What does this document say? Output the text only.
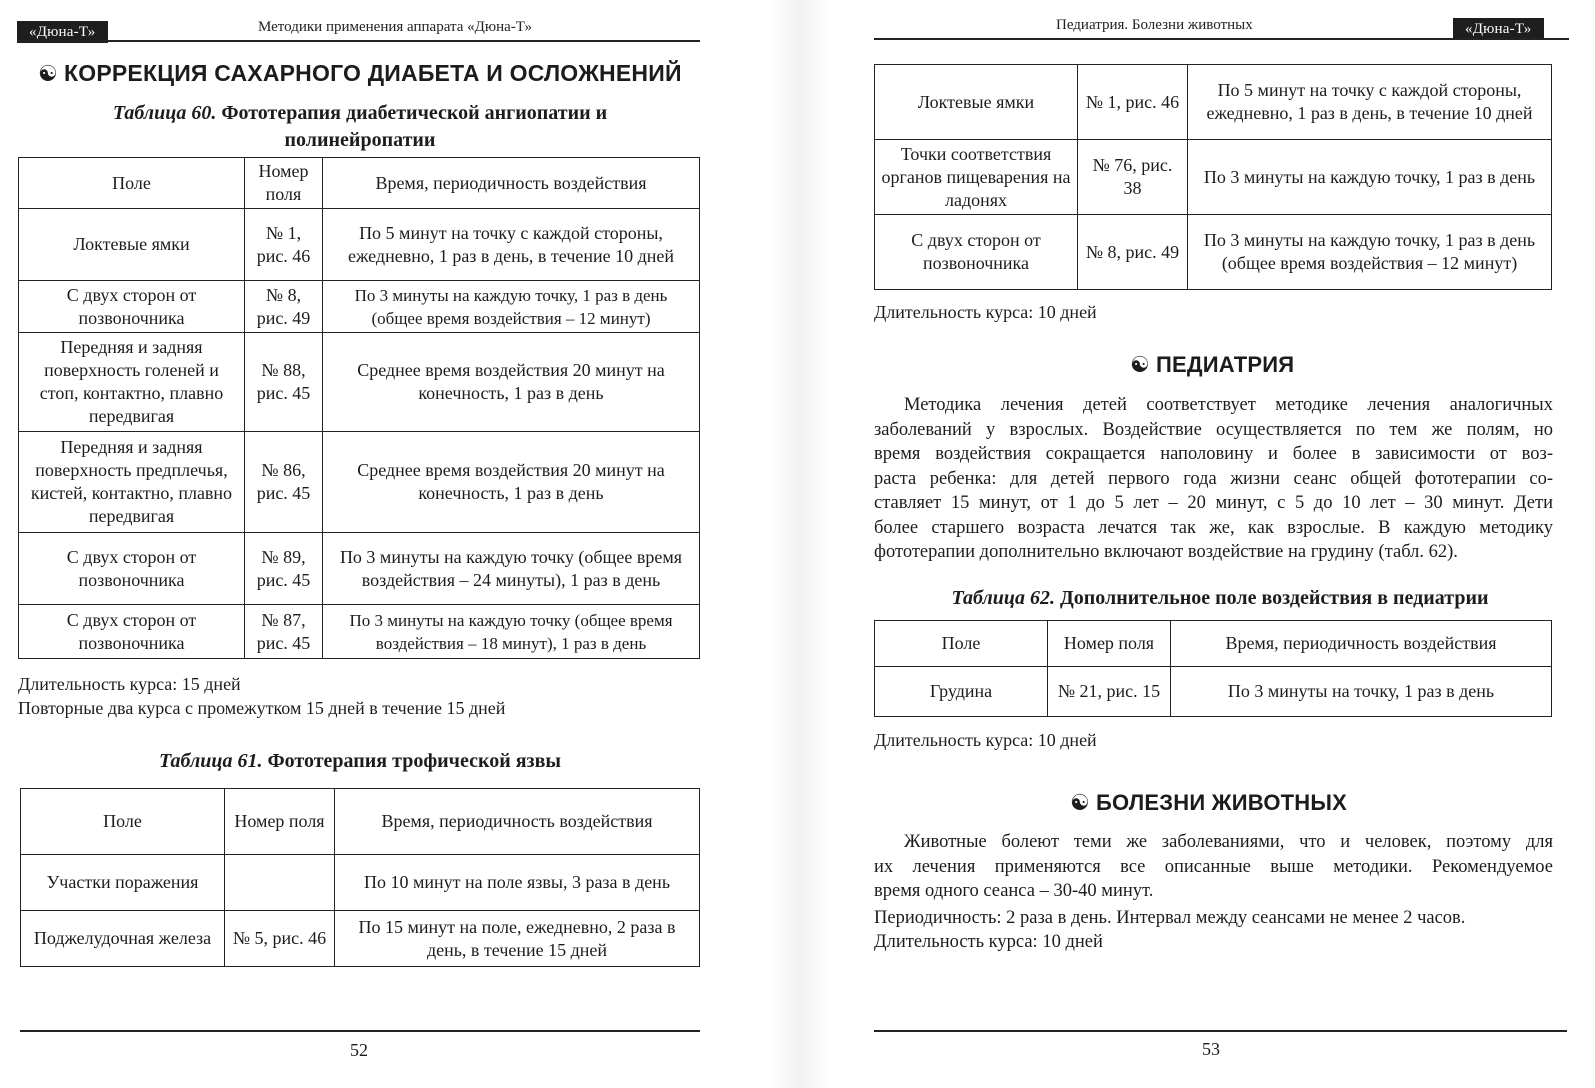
«Дюна-Т»	Методики применения аппарата «Дюна-Т»
☯ КОРРЕКЦИЯ САХАРНОГО ДИАБЕТА И ОСЛОЖНЕНИЙ
Таблица 60. Фототерапия диабетической ангиопатии и полинейропатии
Поле	Номер поля	Время, периодичность воздействия
Локтевые ямки	№ 1, рис. 46	По 5 минут на точку с каждой стороны, ежедневно, 1 раз в день, в течение 10 дней
С двух сторон от позвоночника	№ 8, рис. 49	По 3 минуты на каждую точку, 1 раз в день (общее время воздействия – 12 минут)
Передняя и задняя поверхность голеней и стоп, контактно, плавно передвигая	№ 88, рис. 45	Среднее время воздействия 20 минут на конечность, 1 раз в день
Передняя и задняя поверхность предплечья, кистей, контактно, плавно передвигая	№ 86, рис. 45	Среднее время воздействия 20 минут на конечность, 1 раз в день
С двух сторон от позвоночника	№ 89, рис. 45	По 3 минуты на каждую точку (общее время воздействия – 24 минуты), 1 раз в день
С двух сторон от позвоночника	№ 87, рис. 45	По 3 минуты на каждую точку (общее время воздействия – 18 минут), 1 раз в день
Длительность курса: 15 дней
Повторные два курса с промежутком 15 дней в течение 15 дней
Таблица 61. Фототерапия трофической язвы
Поле	Номер поля	Время, периодичность воздействия
Участки поражения		По 10 минут на поле язвы, 3 раза в день
Поджелудочная железа	№ 5, рис. 46	По 15 минут на поле, ежедневно, 2 раза в день, в течение 15 дней
52
Педиатрия. Болезни животных	«Дюна-Т»
Локтевые ямки	№ 1, рис. 46	По 5 минут на точку с каждой стороны, ежедневно, 1 раз в день, в течение 10 дней
Точки соответствия органов пищеварения на ладонях	№ 76, рис. 38	По 3 минуты на каждую точку, 1 раз в день
С двух сторон от позвоночника	№ 8, рис. 49	По 3 минуты на каждую точку, 1 раз в день (общее время воздействия – 12 минут)
Длительность курса: 10 дней
☯ ПЕДИАТРИЯ
Методика лечения детей соответствует методике лечения аналогичных
заболеваний у взрослых. Воздействие осуществляется по тем же полям, но
время воздействия сокращается наполовину и более в зависимости от воз-
раста ребенка: для детей первого года жизни сеанс общей фототерапии со-
ставляет 15 минут, от 1 до 5 лет – 20 минут, с 5 до 10 лет – 30 минут. Дети
более старшего возраста лечатся так же, как взрослые. В каждую методику
фототерапии дополнительно включают воздействие на грудину (табл. 62).
Таблица 62. Дополнительное поле воздействия в педиатрии
Поле	Номер поля	Время, периодичность воздействия
Грудина	№ 21, рис. 15	По 3 минуты на точку, 1 раз в день
Длительность курса: 10 дней
☯ БОЛЕЗНИ ЖИВОТНЫХ
Животные болеют теми же заболеваниями, что и человек, поэтому для
их лечения применяются все описанные выше методики. Рекомендуемое
время одного сеанса – 30-40 минут.
Периодичность: 2 раза в день. Интервал между сеансами не менее 2 часов.
Длительность курса: 10 дней
53
